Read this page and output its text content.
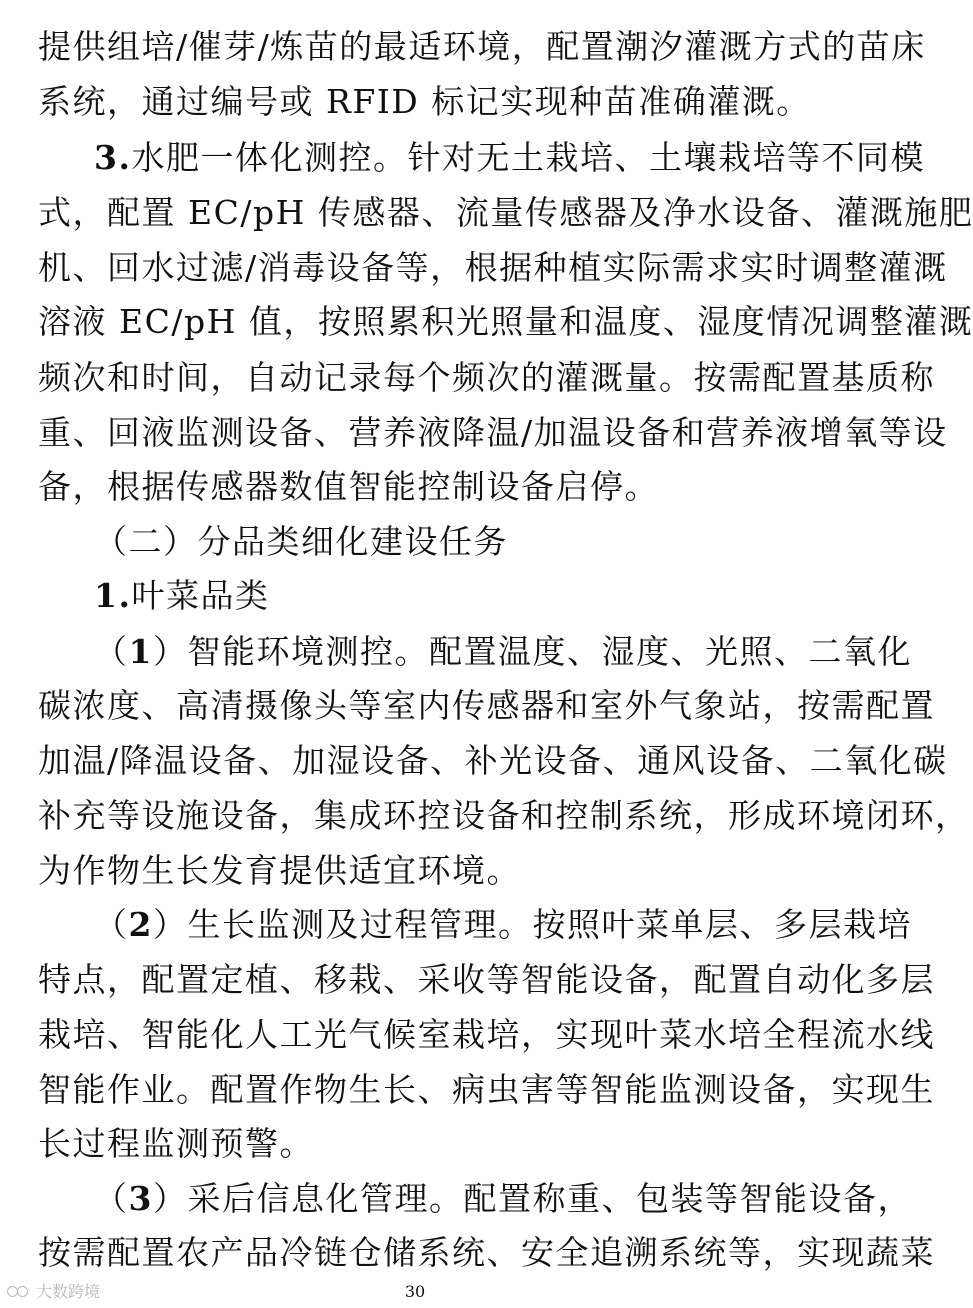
提供组培/催芽/炼苗的最适环境，配置潮汐灌溉方式的苗床
系统，通过编号或 RFID 标记实现种苗准确灌溉。
3.水肥一体化测控。针对无土栽培、土壤栽培等不同模
式，配置 EC/pH 传感器、流量传感器及净水设备、灌溉施肥
机、回水过滤/消毒设备等，根据种植实际需求实时调整灌溉
溶液 EC/pH 值，按照累积光照量和温度、湿度情况调整灌溉
频次和时间，自动记录每个频次的灌溉量。按需配置基质称
重、回液监测设备、营养液降温/加温设备和营养液增氧等设
备，根据传感器数值智能控制设备启停。
（二）分品类细化建设任务
1.叶菜品类
（1）智能环境测控。配置温度、湿度、光照、二氧化
碳浓度、高清摄像头等室内传感器和室外气象站，按需配置
加温/降温设备、加湿设备、补光设备、通风设备、二氧化碳
补充等设施设备，集成环控设备和控制系统，形成环境闭环，
为作物生长发育提供适宜环境。
（2）生长监测及过程管理。按照叶菜单层、多层栽培
特点，配置定植、移栽、采收等智能设备，配置自动化多层
栽培、智能化人工光气候室栽培，实现叶菜水培全程流水线
智能作业。配置作物生长、病虫害等智能监测设备，实现生
长过程监测预警。
（3）采后信息化管理。配置称重、包装等智能设备，
按需配置农产品冷链仓储系统、安全追溯系统等，实现蔬菜
30
大数跨境
